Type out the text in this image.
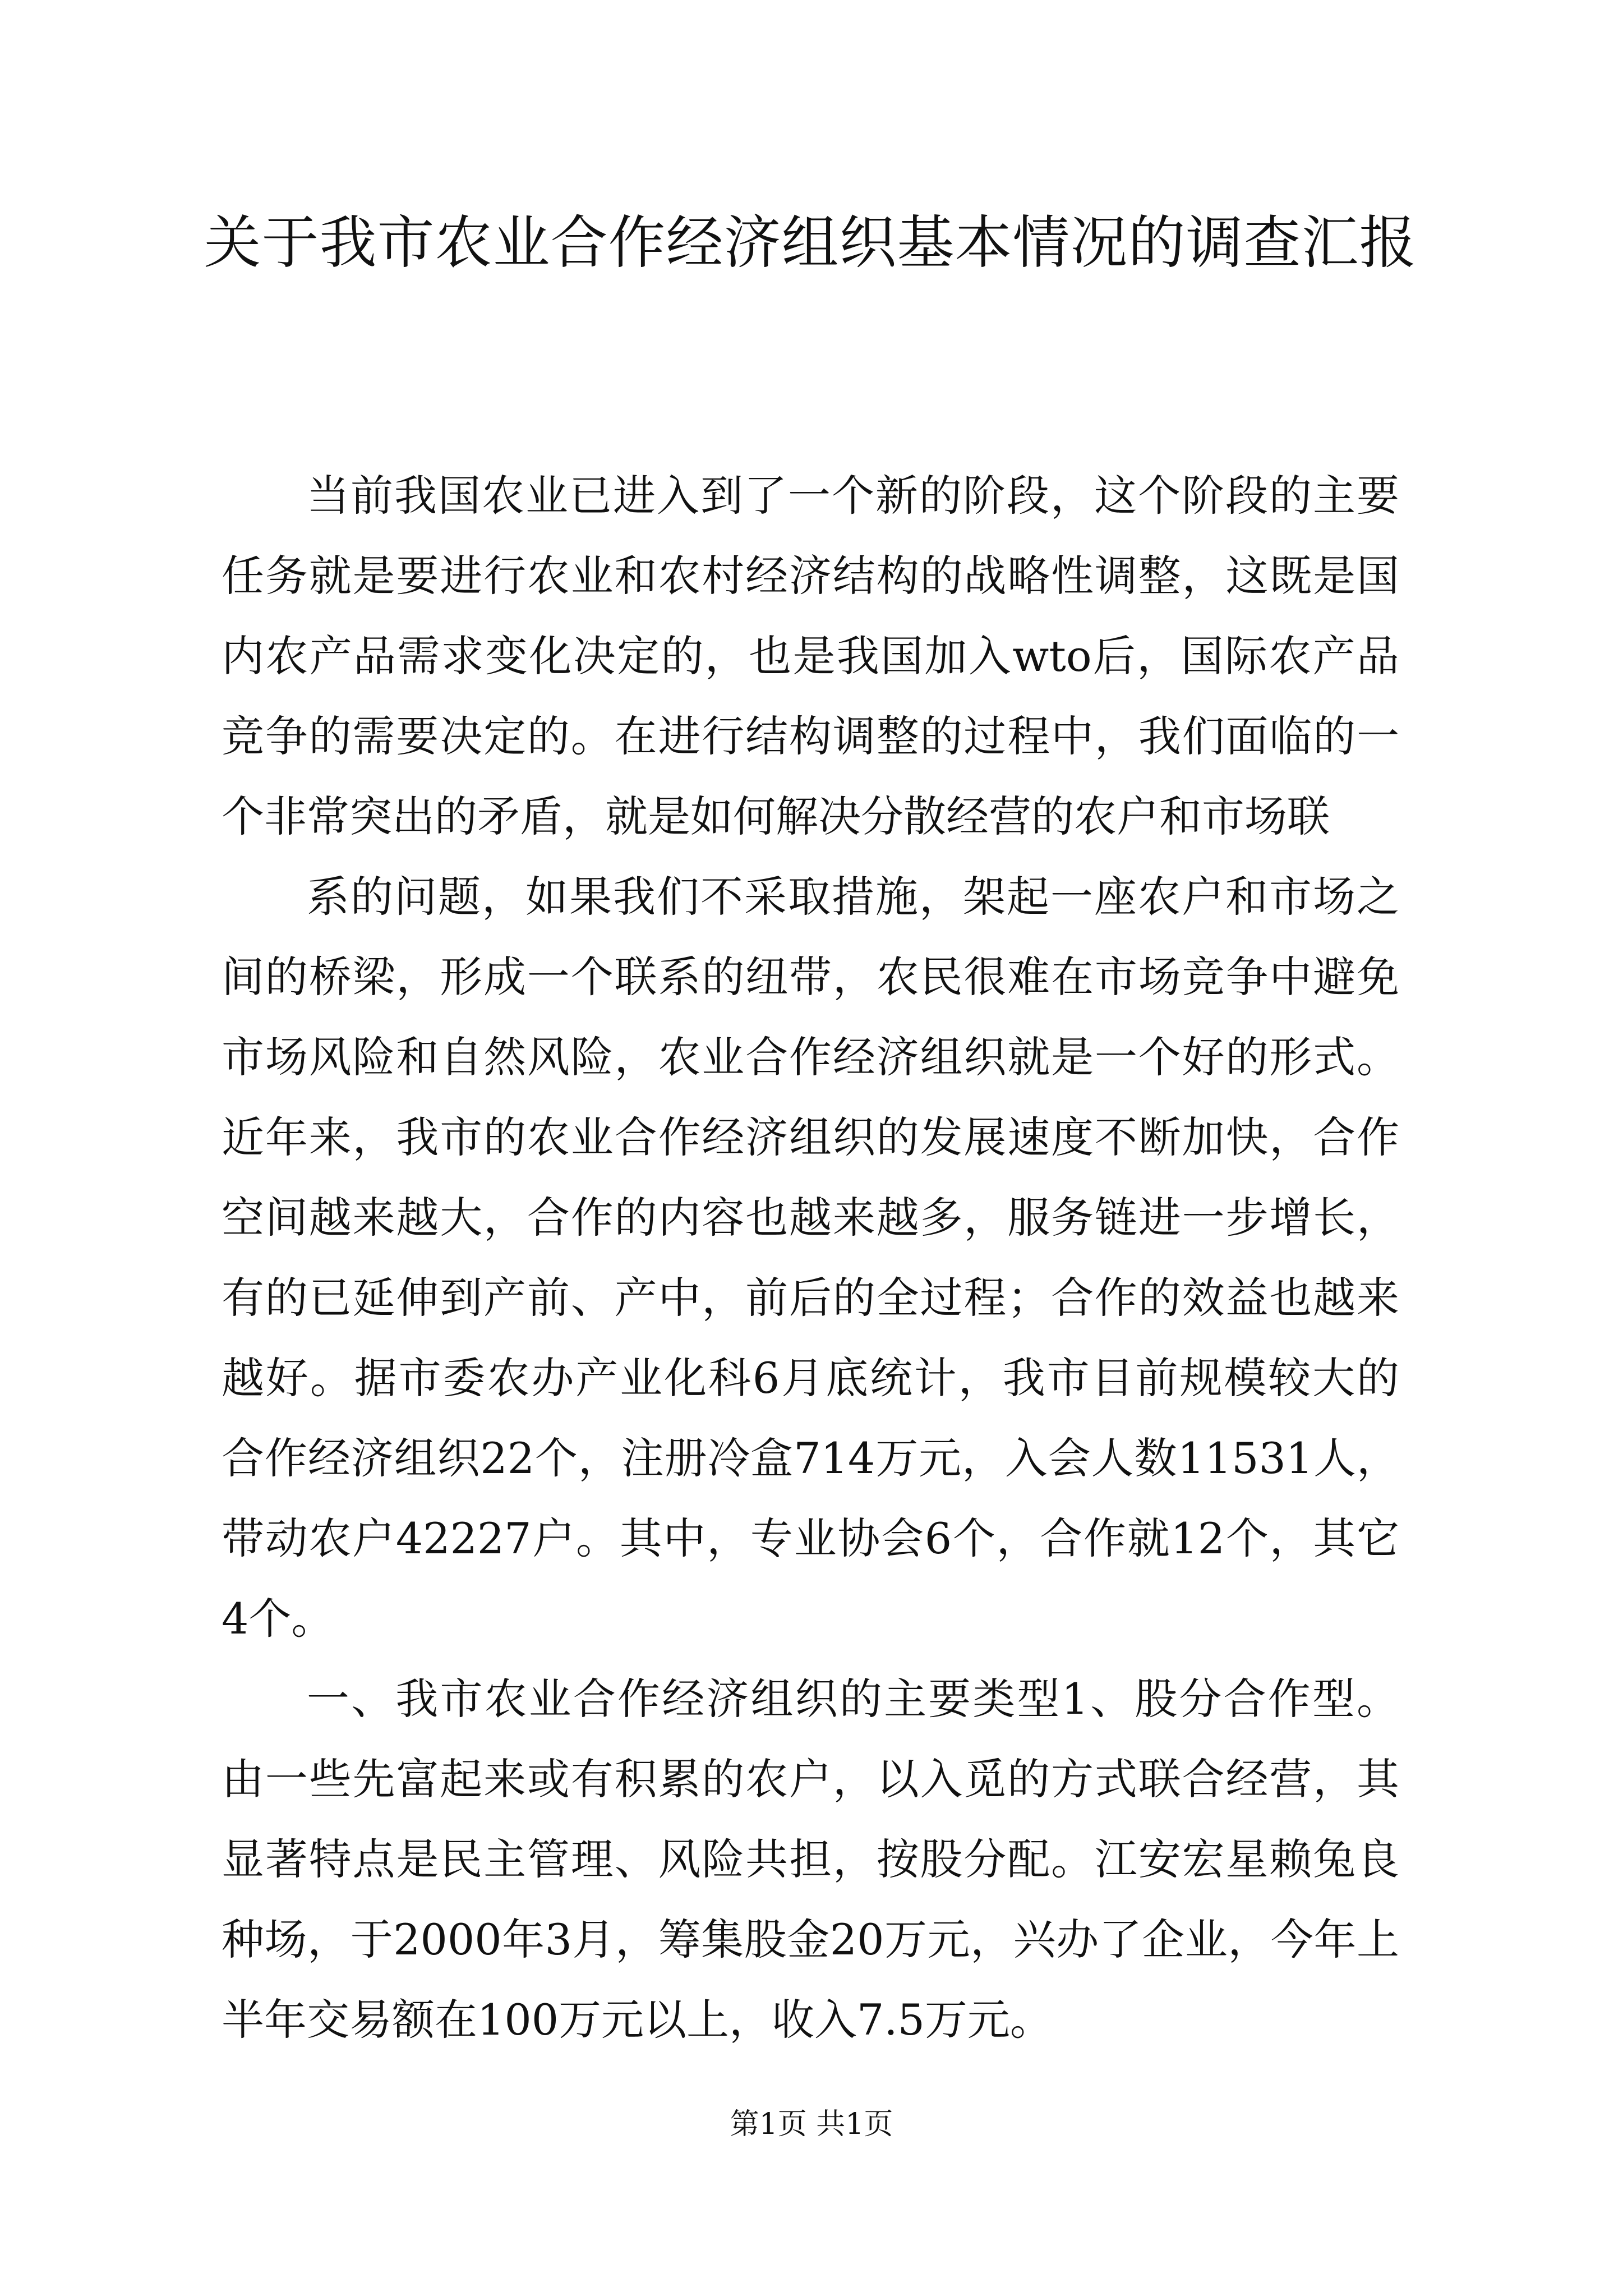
关于我市农业合作经济组织基本情况的调查汇报

当前我国农业已进入到了一个新的阶段，这个阶段的主要任务就是要进行农业和农村经济结构的战略性调整，这既是国内农产品需求变化决定的，也是我国加入wto后，国际农产品竞争的需要决定的。在进行结构调整的过程中，我们面临的一个非常突出的矛盾，就是如何解决分散经营的农户和市场联

系的问题，如果我们不采取措施，架起一座农户和市场之间的桥梁，形成一个联系的纽带，农民很难在市场竞争中避免市场风险和自然风险，农业合作经济组织就是一个好的形式。近年来，我市的农业合作经济组织的发展速度不断加快，合作空间越来越大，合作的内容也越来越多，服务链进一步增长，有的已延伸到产前、产中，前后的全过程；合作的效益也越来越好。据市委农办产业化科6月底统计，我市目前规模较大的合作经济组织22个，注册冷盒714万元，入会人数11531人，带动农户42227户。其中，专业协会6个，合作就12个，其它4个。

一、我市农业合作经济组织的主要类型1、股分合作型。由一些先富起来或有积累的农户，以入觅的方式联合经营，其显著特点是民主管理、风险共担，按股分配。江安宏星赖兔良种场，于2000年3月，筹集股金20万元，兴办了企业，今年上半年交易额在100万元以上，收入7.5万元。

第1页 共1页
